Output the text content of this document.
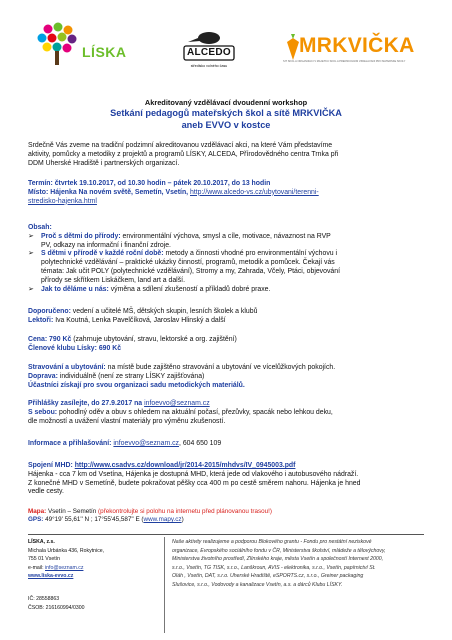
LÍSKA	ALCEDO
středisko volného času
MRKVIČKA
SÍŤ ŠKOL A ORGANIZACÍ V MAJETKU ŠKOL A PŘEDŠKOLNÍM VZDĚLÁVÁNÍ PRO MATEŘSKÉ ŠKOLY
Akreditovaný vzdělávací dvoudenní workshop
Setkání pedagogů mateřských škol a sítě MRKVIČKA
aneb EVVO v kostce
Srdečně Vás zveme na tradiční podzimní akreditovanou vzdělávací akci, na které Vám představíme
aktivity, pomůcky a metodiky z projektů a programů LÍSKY, ALCEDA, Přírodovědného centra Trnka při
DDM Uherské Hradiště i partnerských organizací.
Termín: čtvrtek 19.10.2017, od 10.30 hodin – pátek 20.10.2017, do 13 hodin
Místo: Hájenka Na novém světě, Semetín, Vsetín, http://www.alcedo-vs.cz/ubytovani/terenni-
stredisko-hajenka.html
Obsah:
➢ Proč s dětmi do přírody: environmentální výchova, smysl a cíle, motivace, návaznost na RVP
PV, odkazy na informační i finanční zdroje.
➢ S dětmi v přírodě v každé roční době: metody a činnosti vhodné pro environmentální výchovu i
polytechnické vzdělávání – praktické ukázky činností, programů, metodik a pomůcek. Čekají vás
témata: Jak učit POLY (polytechnické vzdělávání), Stromy a my, Zahrada, Včely, Ptáci, objevování
přírody se skřítkem Liskáčkem, land art a další.
➢ Jak to děláme u nás: výměna a sdílení zkušeností a příkladů dobré praxe.
Doporučeno: vedení a učitelé MŠ, dětských skupin, lesních školek a klubů
Lektoři: Iva Koutná, Lenka Pavelčíková, Jaroslav Hlinský a další
Cena: 790 Kč (zahrnuje ubytování, stravu, lektorské a org. zajištění)
Členové klubu Lísky: 690 Kč
Stravování a ubytování: na místě bude zajištěno stravování a ubytování ve vícelůžkových pokojích.
Doprava: individuálně (není ze strany LÍSKY zajišťována)
Účastníci získají pro svou organizaci sadu metodických materiálů.
Přihlášky zasílejte, do 27.9.2017 na infoevvo@seznam.cz
S sebou: pohodlný oděv a obuv s ohledem na aktuální počasí, přezůvky, spacák nebo lehkou deku,
dle možností a uvážení vlastní materiály pro výměnu zkušeností.
Informace a přihlašování: infoevvo@seznam.cz, 604 650 109
Spojení MHD: http://www.csadvs.cz/download/jr/2014-2015/mhdvs/IV_0945003.pdf
Hájenka - cca 7 km od Vsetína, Hájenka je dostupná MHD, která jede od vlakového i autobusového nádraží.
Z konečné MHD v Semetíně, budete pokračovat pěšky cca 400 m po cestě směrem nahoru. Hájenka je hned
vedle cesty.
Mapa: Vsetín – Semetín (překontrolujte si polohu na internetu před plánovanou trasou!)
GPS: 49°19' 55,61'' N ; 17°55'45,587'' E (www.mapy.cz)
LÍSKA, z.s.
Michala Urbánka 436, Rokytnice,
755 01 Vsetín
e-mail: info@seznam.cz
www.liska-evvo.cz
IČ: 28558863
ČSOB: 216160994/0300
Naše aktivity realizujeme a podporou Blokového grantu - Fondu pro nestátní neziskové
organizace, Evropského sociálního fondu v ČR, Ministerstva školství, mládeže a tělovýchovy,
Ministerstva životního prostředí, Zlínského kraje, města Vsetín a společností Internext 2000,
s.r.o., Vsetín, TG TISK, s.r.o., Lanškroun, AVIS - elektronika, s.r.o., Vsetín, papírnictví St.
Oláh , Vsetín, DAT, s.r.o. Uherské Hradiště, eSPORTS.cz, s.r.o., Greiner packaging
Slušovice, s.r.o., Vodovody a kanalizace Vsetín, a.s. a dárců Klubu LÍSKY.
